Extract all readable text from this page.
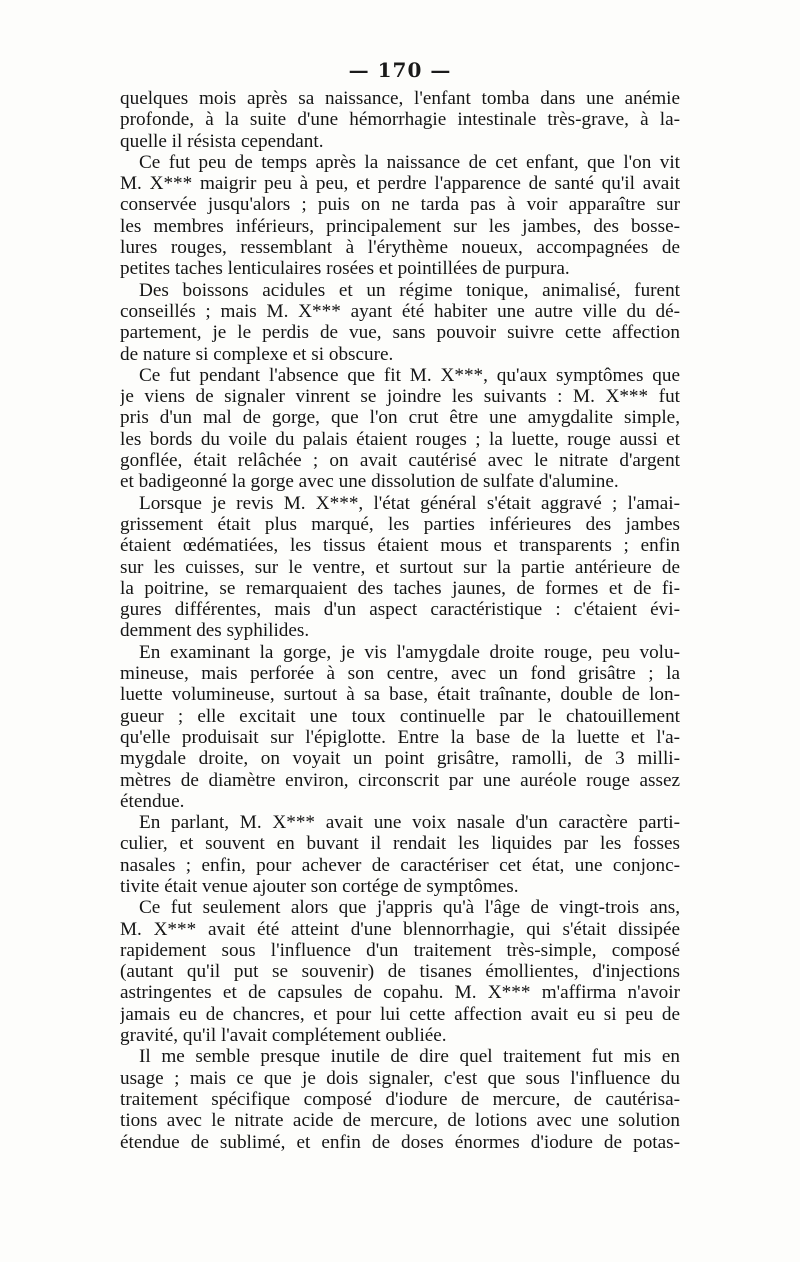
— 170 —
quelques mois après sa naissance, l'enfant tomba dans une anémie
profonde, à la suite d'une hémorrhagie intestinale très-grave, à la-
quelle il résista cependant.
Ce fut peu de temps après la naissance de cet enfant, que l'on vit
M. X*** maigrir peu à peu, et perdre l'apparence de santé qu'il avait
conservée jusqu'alors ; puis on ne tarda pas à voir apparaître sur
les membres inférieurs, principalement sur les jambes, des bosse-
lures rouges, ressemblant à l'érythème noueux, accompagnées de
petites taches lenticulaires rosées et pointillées de purpura.
Des boissons acidules et un régime tonique, animalisé, furent
conseillés ; mais M. X*** ayant été habiter une autre ville du dé-
partement, je le perdis de vue, sans pouvoir suivre cette affection
de nature si complexe et si obscure.
Ce fut pendant l'absence que fit M. X***, qu'aux symptômes que
je viens de signaler vinrent se joindre les suivants : M. X*** fut
pris d'un mal de gorge, que l'on crut être une amygdalite simple,
les bords du voile du palais étaient rouges ; la luette, rouge aussi et
gonflée, était relâchée ; on avait cautérisé avec le nitrate d'argent
et badigeonné la gorge avec une dissolution de sulfate d'alumine.
Lorsque je revis M. X***, l'état général s'était aggravé ; l'amai-
grissement était plus marqué, les parties inférieures des jambes
étaient œdématiées, les tissus étaient mous et transparents ; enfin
sur les cuisses, sur le ventre, et surtout sur la partie antérieure de
la poitrine, se remarquaient des taches jaunes, de formes et de fi-
gures différentes, mais d'un aspect caractéristique : c'étaient évi-
demment des syphilides.
En examinant la gorge, je vis l'amygdale droite rouge, peu volu-
mineuse, mais perforée à son centre, avec un fond grisâtre ; la
luette volumineuse, surtout à sa base, était traînante, double de lon-
gueur ; elle excitait une toux continuelle par le chatouillement
qu'elle produisait sur l'épiglotte. Entre la base de la luette et l'a-
mygdale droite, on voyait un point grisâtre, ramolli, de 3 milli-
mètres de diamètre environ, circonscrit par une auréole rouge assez
étendue.
En parlant, M. X*** avait une voix nasale d'un caractère parti-
culier, et souvent en buvant il rendait les liquides par les fosses
nasales ; enfin, pour achever de caractériser cet état, une conjonc-
tivite était venue ajouter son cortége de symptômes.
Ce fut seulement alors que j'appris qu'à l'âge de vingt-trois ans,
M. X*** avait été atteint d'une blennorrhagie, qui s'était dissipée
rapidement sous l'influence d'un traitement très-simple, composé
(autant qu'il put se souvenir) de tisanes émollientes, d'injections
astringentes et de capsules de copahu. M. X*** m'affirma n'avoir
jamais eu de chancres, et pour lui cette affection avait eu si peu de
gravité, qu'il l'avait complétement oubliée.
Il me semble presque inutile de dire quel traitement fut mis en
usage ; mais ce que je dois signaler, c'est que sous l'influence du
traitement spécifique composé d'iodure de mercure, de cautérisa-
tions avec le nitrate acide de mercure, de lotions avec une solution
étendue de sublimé, et enfin de doses énormes d'iodure de potas-
